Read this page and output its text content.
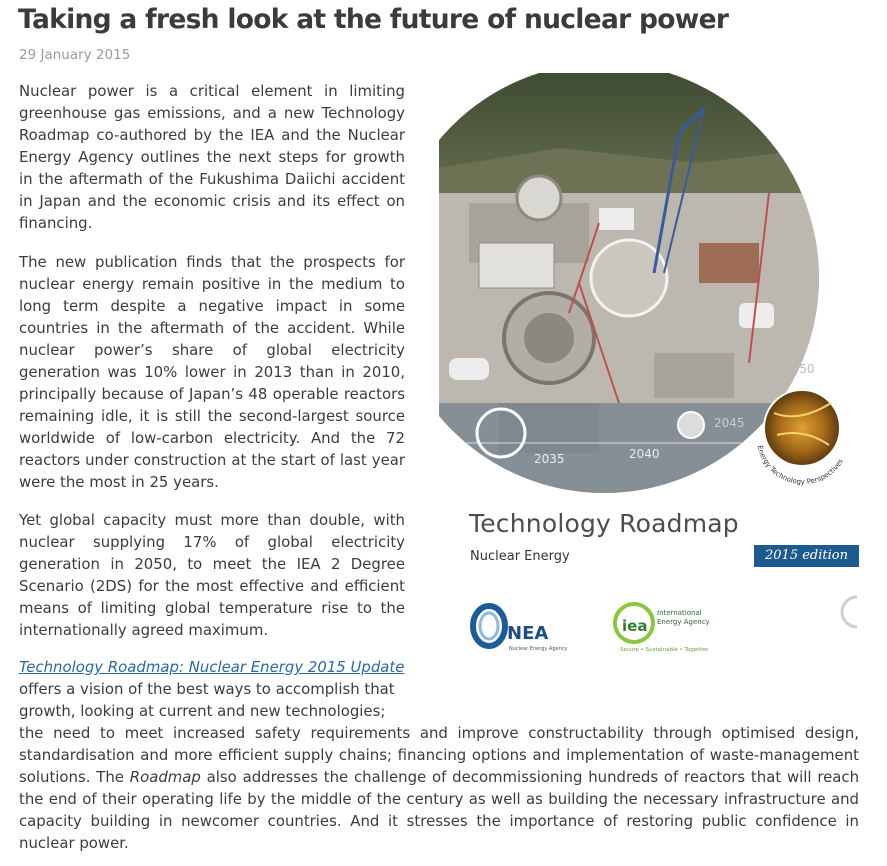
Taking a fresh look at the future of nuclear power
29 January 2015

Nuclear power is a critical element in limiting greenhouse gas emissions, and a new Technology Roadmap co-authored by the IEA and the Nuclear Energy Agency outlines the next steps for growth in the aftermath of the Fukushima Daiichi accident in Japan and the economic crisis and its effect on financing.

The new publication finds that the prospects for nuclear energy remain positive in the medium to long term despite a negative impact in some countries in the aftermath of the accident. While nuclear power’s share of global electricity generation was 10% lower in 2013 than in 2010, principally because of Japan’s 48 operable reactors remaining idle, it is still the second-largest source worldwide of low-carbon electricity. And the 72 reactors under construction at the start of last year were the most in 25 years.

Yet global capacity must more than double, with nuclear supplying 17% of global electricity generation in 2050, to meet the IEA 2 Degree Scenario (2DS) for the most effective and efficient means of limiting global temperature rise to the internationally agreed maximum.

Technology Roadmap: Nuclear Energy 2015 Update
offers a vision of the best ways to accomplish that growth, looking at current and new technologies;

the need to meet increased safety requirements and improve constructability through optimised design, standardisation and more efficient supply chains; financing options and implementation of waste-management solutions. The Roadmap also addresses the challenge of decommissioning hundreds of reactors that will reach the end of their operating life by the middle of the century as well as building the necessary infrastructure and capacity building in newcomer countries. And it stresses the importance of restoring public confidence in nuclear power.

2035	2040
2045
2050
Energy Technology Perspectives
Technology Roadmap
Nuclear Energy	2015 edition
NEA
Nuclear Energy Agency
iea
International
Energy Agency
Secure • Sustainable • Together
